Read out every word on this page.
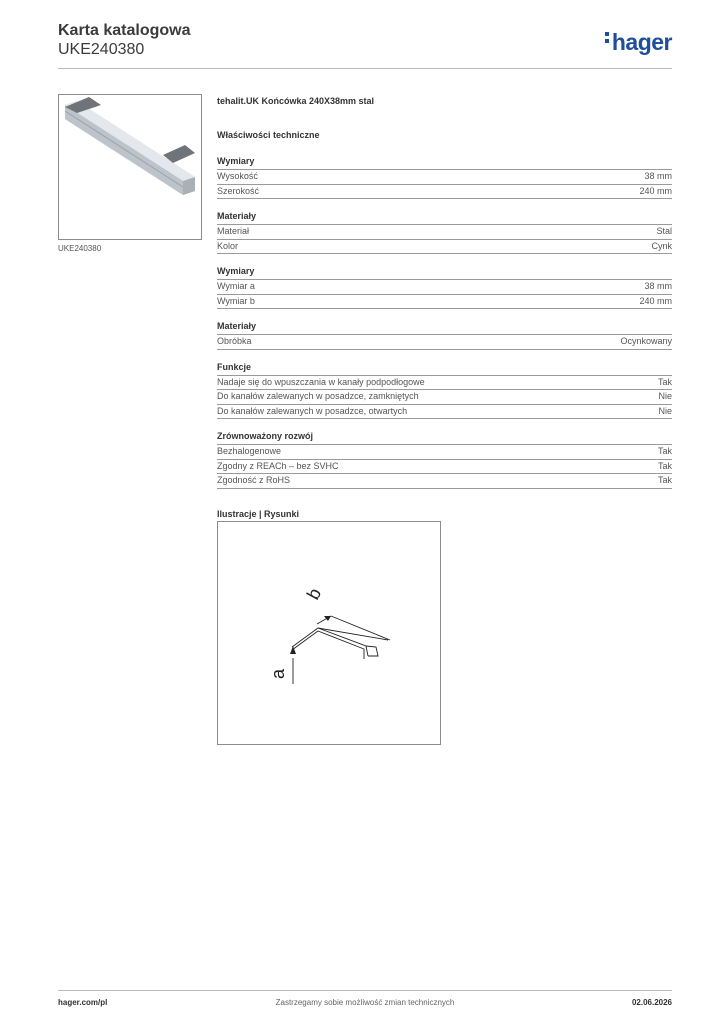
Karta katalogowa
UKE240380	hager
UKE240380
tehalit.UK Końcówka 240X38mm stal
Właściwości techniczne
Wymiary
Wysokość	38 mm
Szerokość	240 mm
Materiały
Materiał	Stal
Kolor	Cynk
Wymiary
Wymiar a	38 mm
Wymiar b	240 mm
Materiały
Obróbka	Ocynkowany
Funkcje
Nadaje się do wpuszczania w kanały podpodłogowe	Tak
Do kanałów zalewanych w posadzce, zamkniętych	Nie
Do kanałów zalewanych w posadzce, otwartych	Nie
Zrównoważony rozwój
Bezhalogenowe	Tak
Zgodny z REACh – bez SVHC	Tak
Zgodność z RoHS	Tak
Ilustracje | Rysunki
a
b
hager.com/pl	Zastrzegamy sobie możliwość zmian technicznych	02.06.2026
